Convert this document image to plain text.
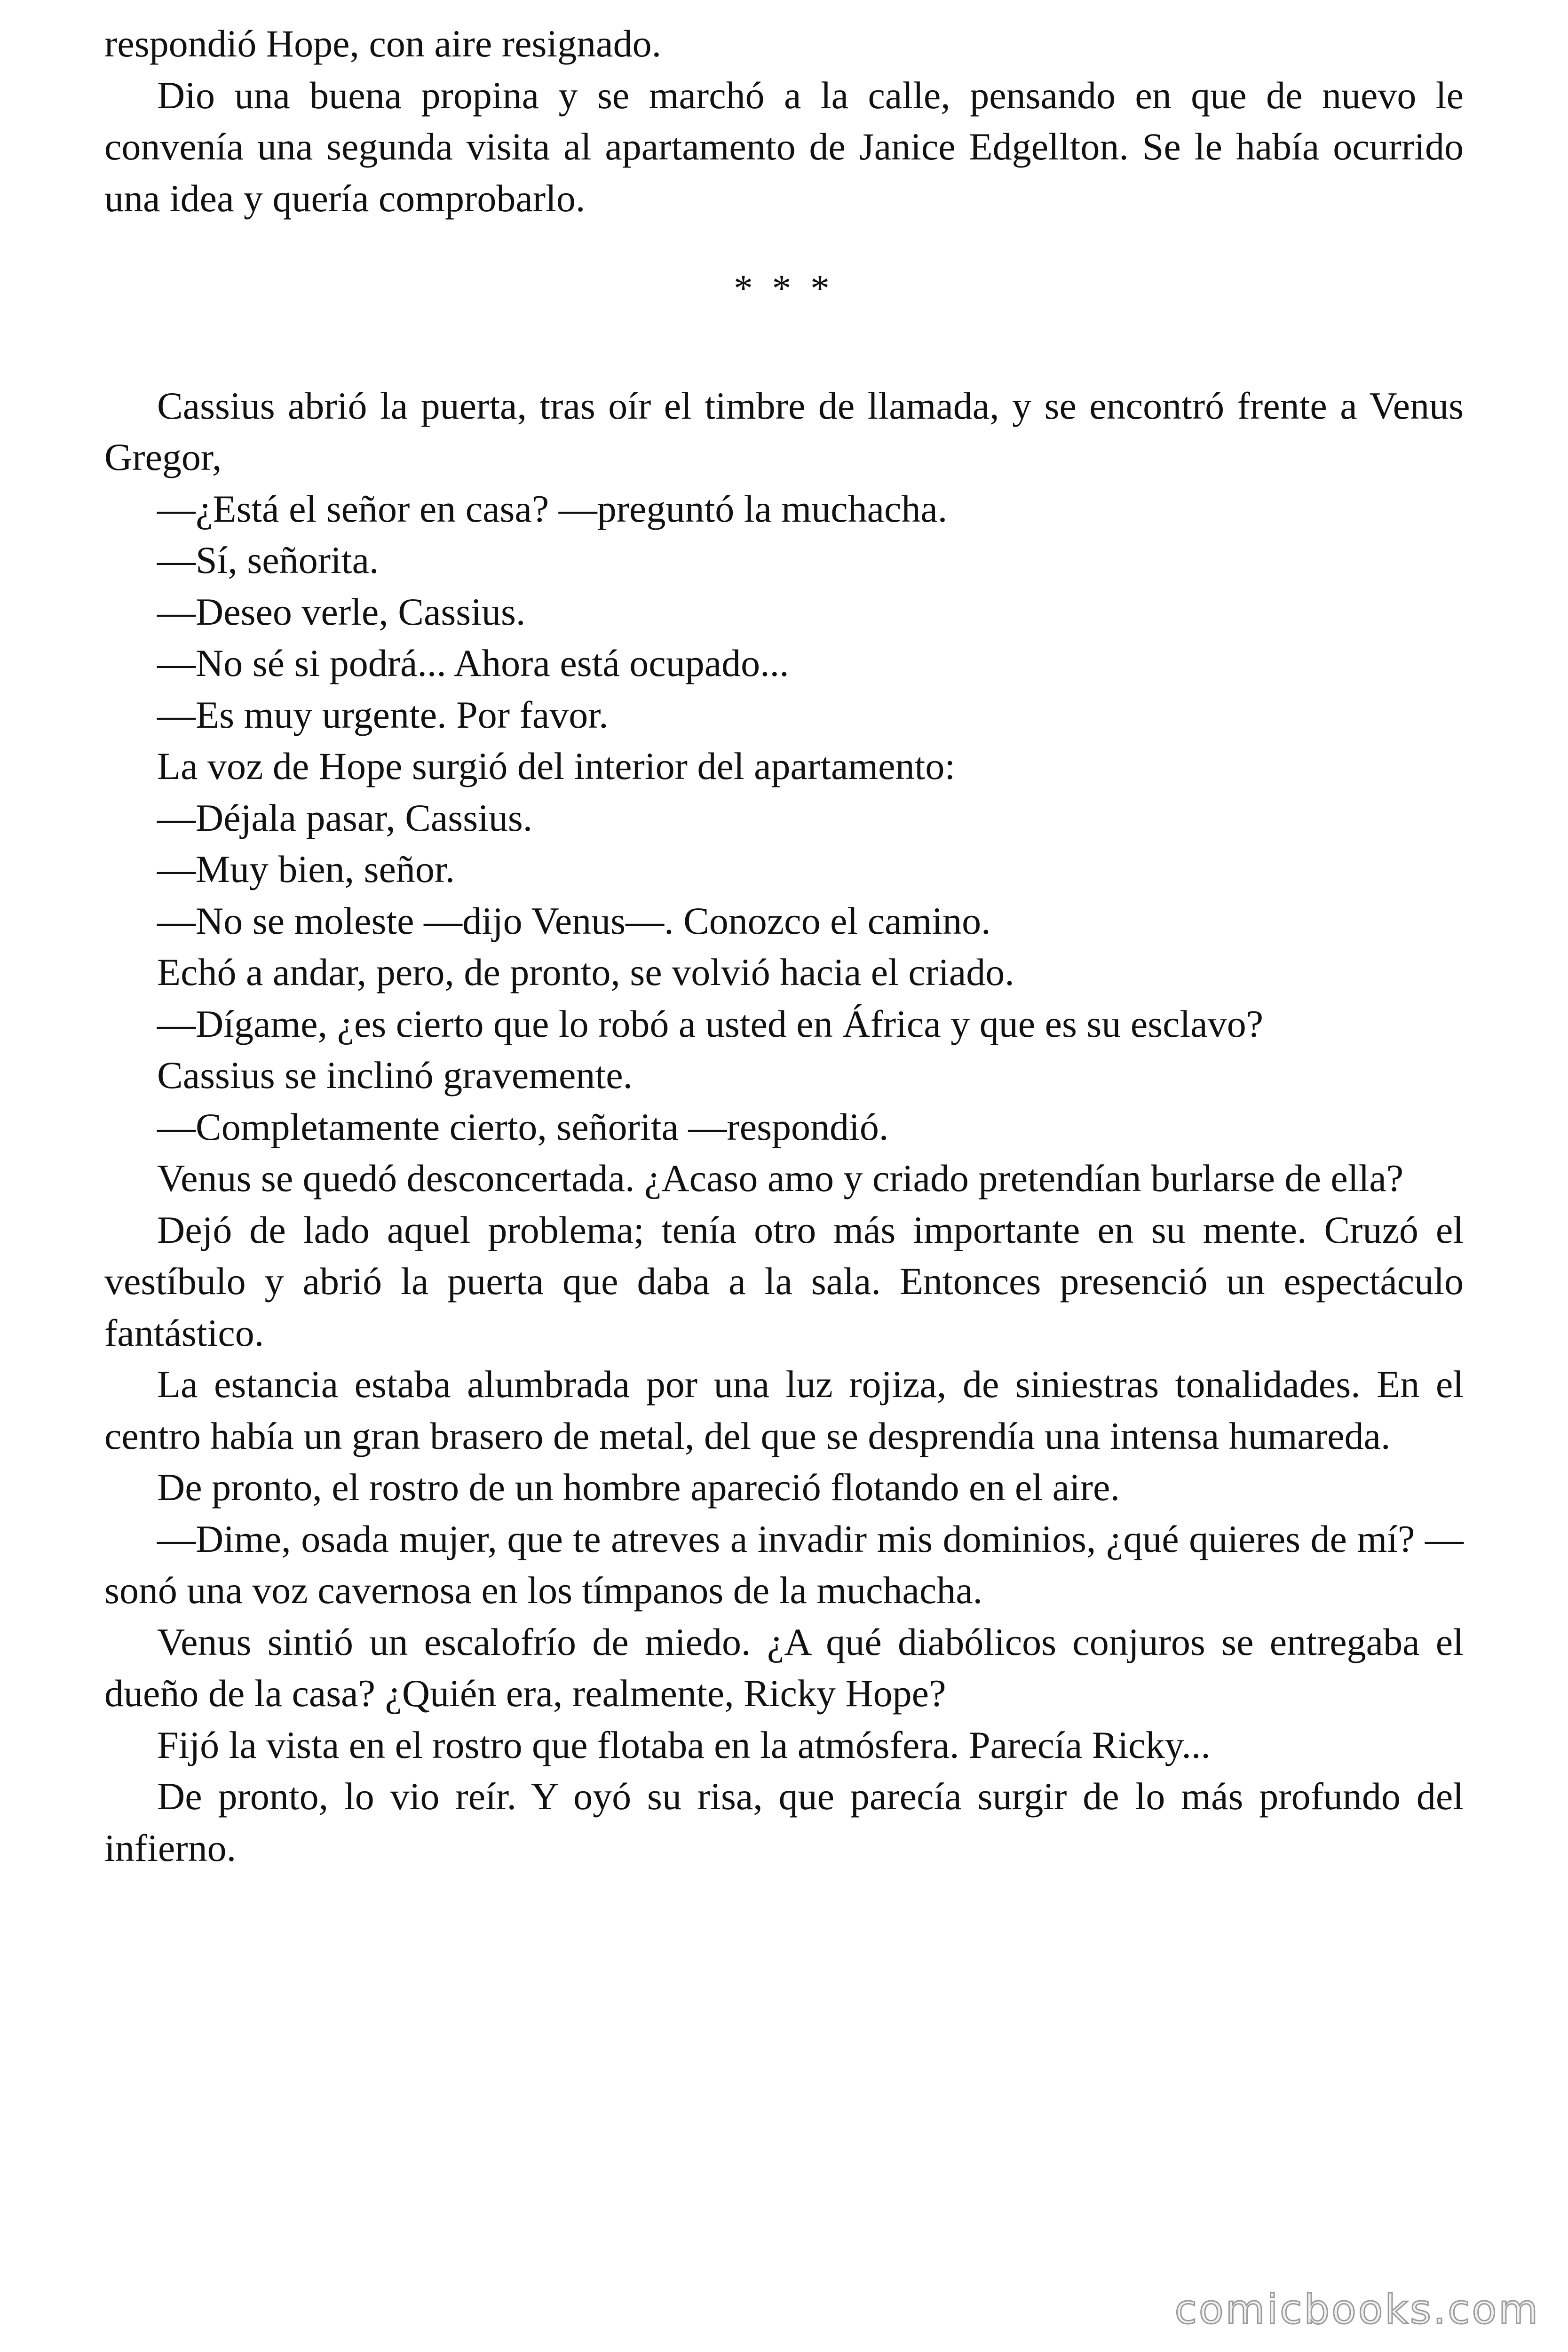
respondió Hope, con aire resignado.

Dio una buena propina y se marchó a la calle, pensando en que de nuevo le convenía una segunda visita al apartamento de Janice Edgellton. Se le había ocurrido una idea y quería comprobarlo.

* * *

Cassius abrió la puerta, tras oír el timbre de llamada, y se encontró frente a Venus Gregor,

—¿Está el señor en casa? —preguntó la muchacha.

—Sí, señorita.

—Deseo verle, Cassius.

—No sé si podrá... Ahora está ocupado...

—Es muy urgente. Por favor.

La voz de Hope surgió del interior del apartamento:

—Déjala pasar, Cassius.

—Muy bien, señor.

—No se moleste —dijo Venus—. Conozco el camino.

Echó a andar, pero, de pronto, se volvió hacia el criado.

—Dígame, ¿es cierto que lo robó a usted en África y que es su esclavo?

Cassius se inclinó gravemente.

—Completamente cierto, señorita —respondió.

Venus se quedó desconcertada. ¿Acaso amo y criado pretendían burlarse de ella?

Dejó de lado aquel problema; tenía otro más importante en su mente. Cruzó el vestíbulo y abrió la puerta que daba a la sala. Entonces presenció un espectáculo fantástico.

La estancia estaba alumbrada por una luz rojiza, de siniestras tonalidades. En el centro había un gran brasero de metal, del que se desprendía una intensa humareda.

De pronto, el rostro de un hombre apareció flotando en el aire.

—Dime, osada mujer, que te atreves a invadir mis dominios, ¿qué quieres de mí? —sonó una voz cavernosa en los tímpanos de la muchacha.

Venus sintió un escalofrío de miedo. ¿A qué diabólicos conjuros se entregaba el dueño de la casa? ¿Quién era, realmente, Ricky Hope?

Fijó la vista en el rostro que flotaba en la atmósfera. Parecía Ricky...

De pronto, lo vio reír. Y oyó su risa, que parecía surgir de lo más profundo del infierno.

comicbooks.com
